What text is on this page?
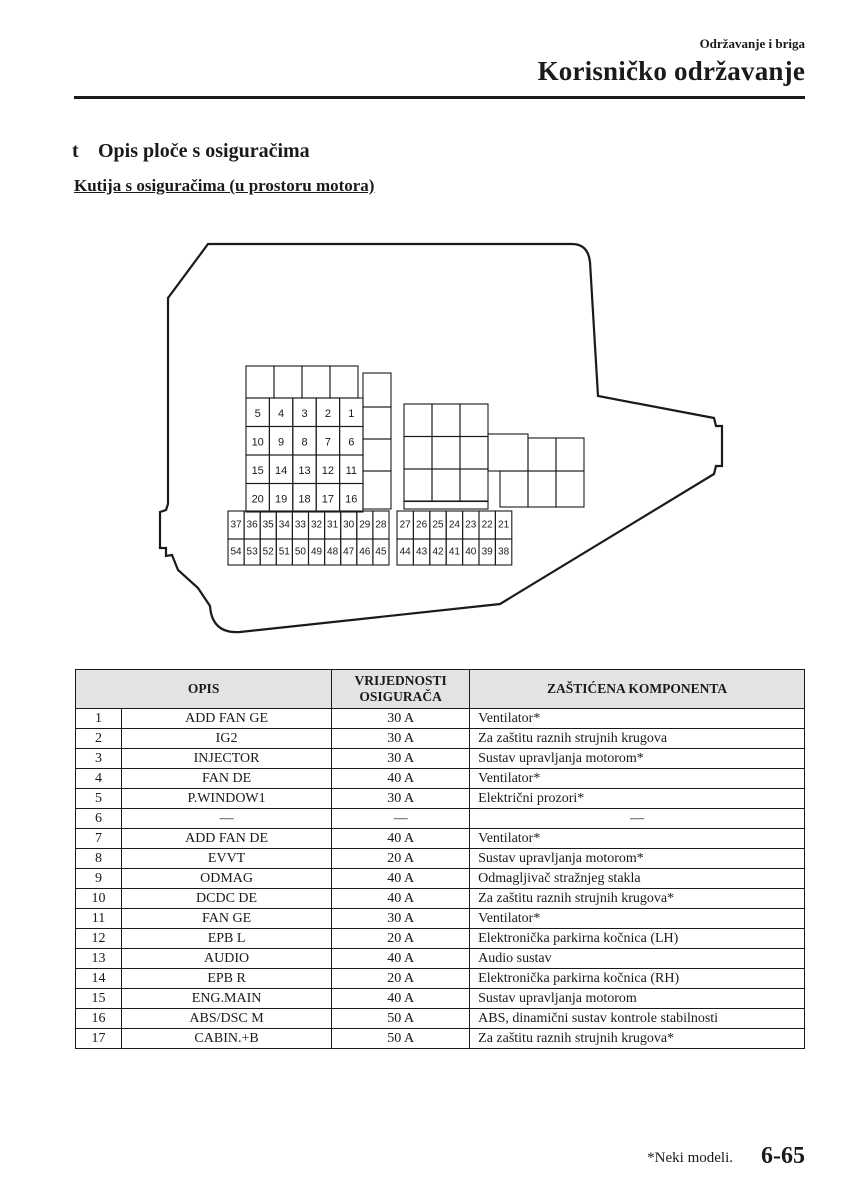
Održavanje i briga
Korisničko održavanje
t Opis ploče s osiguračima
Kutija s osiguračima (u prostoru motora)
5 4 3 2 1
10 9 8 7 6
15 14 13 12 11
20 19 18 17 16
37
54
36
53
35
52
34
51
33
50
32
49
31
48
30
47
29
46
28
45
27
44
26
43
25
42
24
41
23
40
22
39
21
38
OPIS		VRIJEDNOSTI OSIGURAČA	ZAŠTIĆENA KOMPONENTA
1	ADD FAN GE	30 A	Ventilator*
2	IG2	30 A	Za zaštitu raznih strujnih krugova
3	INJECTOR	30 A	Sustav upravljanja motorom*
4	FAN DE	40 A	Ventilator*
5	P.WINDOW1	30 A	Električni prozori*
6	—	—	—
7	ADD FAN DE	40 A	Ventilator*
8	EVVT	20 A	Sustav upravljanja motorom*
9	ODMAG	40 A	Odmagljivač stražnjeg stakla
10	DCDC DE	40 A	Za zaštitu raznih strujnih krugova*
11	FAN GE	30 A	Ventilator*
12	EPB L	20 A	Elektronička parkirna kočnica (LH)
13	AUDIO	40 A	Audio sustav
14	EPB R	20 A	Elektronička parkirna kočnica (RH)
15	ENG.MAIN	40 A	Sustav upravljanja motorom
16	ABS/DSC M	50 A	ABS, dinamični sustav kontrole stabilnosti
17	CABIN.+B	50 A	Za zaštitu raznih strujnih krugova*
*Neki modeli. 6-65
